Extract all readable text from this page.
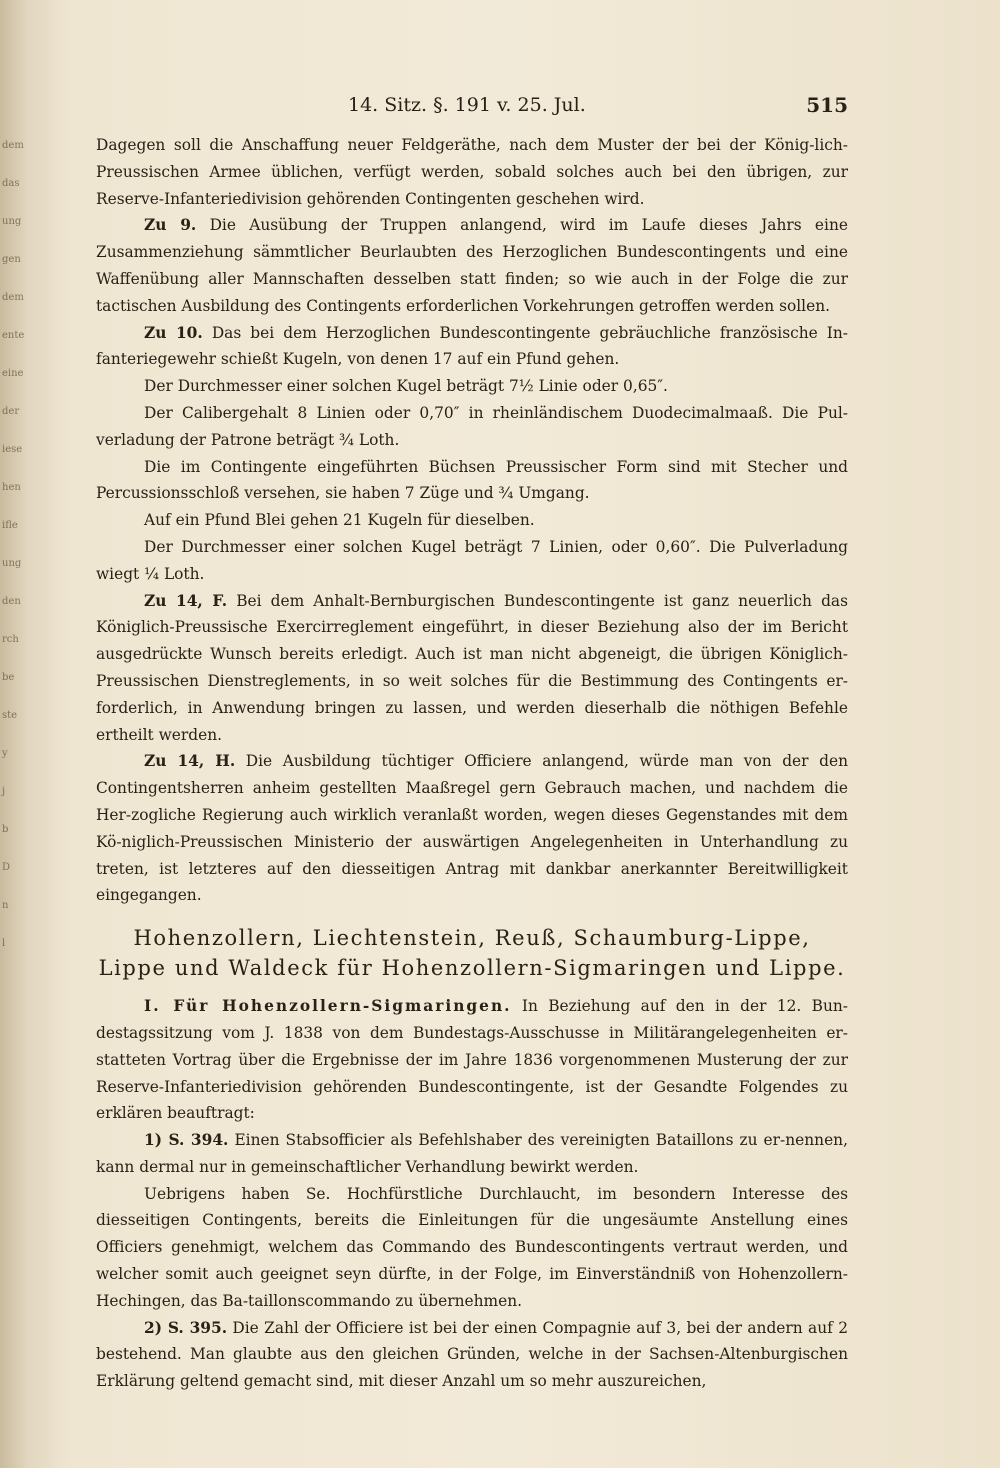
dem
das
ung
gen
dem
ente
eine
der
iese
hen
ifle
ung
den
rch
be
ste
y
j
b
D
n
l
14. Sitz. §. 191 v. 25. Jul.	515

Dagegen soll die Anschaffung neuer Feldgeräthe, nach dem Muster der bei der König-lich-Preussischen Armee üblichen, verfügt werden, sobald solches auch bei den übrigen, zur Reserve-Infanteriedivision gehörenden Contingenten geschehen wird.

Zu 9. Die Ausübung der Truppen anlangend, wird im Laufe dieses Jahrs eine Zusammenziehung sämmtlicher Beurlaubten des Herzoglichen Bundescontingents und eine Waffenübung aller Mannschaften desselben statt finden; so wie auch in der Folge die zur tactischen Ausbildung des Contingents erforderlichen Vorkehrungen getroffen werden sollen.

Zu 10. Das bei dem Herzoglichen Bundescontingente gebräuchliche französische In-fanteriegewehr schießt Kugeln, von denen 17 auf ein Pfund gehen.

Der Durchmesser einer solchen Kugel beträgt 7½ Linie oder 0,65″.

Der Calibergehalt 8 Linien oder 0,70″ in rheinländischem Duodecimalmaaß. Die Pul-verladung der Patrone beträgt ¾ Loth.

Die im Contingente eingeführten Büchsen Preussischer Form sind mit Stecher und Percussionsschloß versehen, sie haben 7 Züge und ¾ Umgang.

Auf ein Pfund Blei gehen 21 Kugeln für dieselben.

Der Durchmesser einer solchen Kugel beträgt 7 Linien, oder 0,60″. Die Pulverladung wiegt ¼ Loth.

Zu 14, F. Bei dem Anhalt-Bernburgischen Bundescontingente ist ganz neuerlich das Königlich-Preussische Exercirreglement eingeführt, in dieser Beziehung also der im Bericht ausgedrückte Wunsch bereits erledigt. Auch ist man nicht abgeneigt, die übrigen Königlich-Preussischen Dienstreglements, in so weit solches für die Bestimmung des Contingents er-forderlich, in Anwendung bringen zu lassen, und werden dieserhalb die nöthigen Befehle ertheilt werden.

Zu 14, H. Die Ausbildung tüchtiger Officiere anlangend, würde man von der den Contingentsherren anheim gestellten Maaßregel gern Gebrauch machen, und nachdem die Her-zogliche Regierung auch wirklich veranlaßt worden, wegen dieses Gegenstandes mit dem Kö-niglich-Preussischen Ministerio der auswärtigen Angelegenheiten in Unterhandlung zu treten, ist letzteres auf den diesseitigen Antrag mit dankbar anerkannter Bereitwilligkeit eingegangen.

Hohenzollern, Liechtenstein, Reuß, Schaumburg-Lippe, Lippe und Waldeck für Hohenzollern-Sigmaringen und Lippe.

I. Für Hohenzollern-Sigmaringen. In Beziehung auf den in der 12. Bun-destagssitzung vom J. 1838 von dem Bundestags-Ausschusse in Militärangelegenheiten er-statteten Vortrag über die Ergebnisse der im Jahre 1836 vorgenommenen Musterung der zur Reserve-Infanteriedivision gehörenden Bundescontingente, ist der Gesandte Folgendes zu erklären beauftragt:

1) S. 394. Einen Stabsofficier als Befehlshaber des vereinigten Bataillons zu er-nennen, kann dermal nur in gemeinschaftlicher Verhandlung bewirkt werden.

Uebrigens haben Se. Hochfürstliche Durchlaucht, im besondern Interesse des diesseitigen Contingents, bereits die Einleitungen für die ungesäumte Anstellung eines Officiers genehmigt, welchem das Commando des Bundescontingents vertraut werden, und welcher somit auch geeignet seyn dürfte, in der Folge, im Einverständniß von Hohenzollern-Hechingen, das Ba-taillonscommando zu übernehmen.

2) S. 395. Die Zahl der Officiere ist bei der einen Compagnie auf 3, bei der andern auf 2 bestehend. Man glaubte aus den gleichen Gründen, welche in der Sachsen-Altenburgischen Erklärung geltend gemacht sind, mit dieser Anzahl um so mehr auszureichen,
